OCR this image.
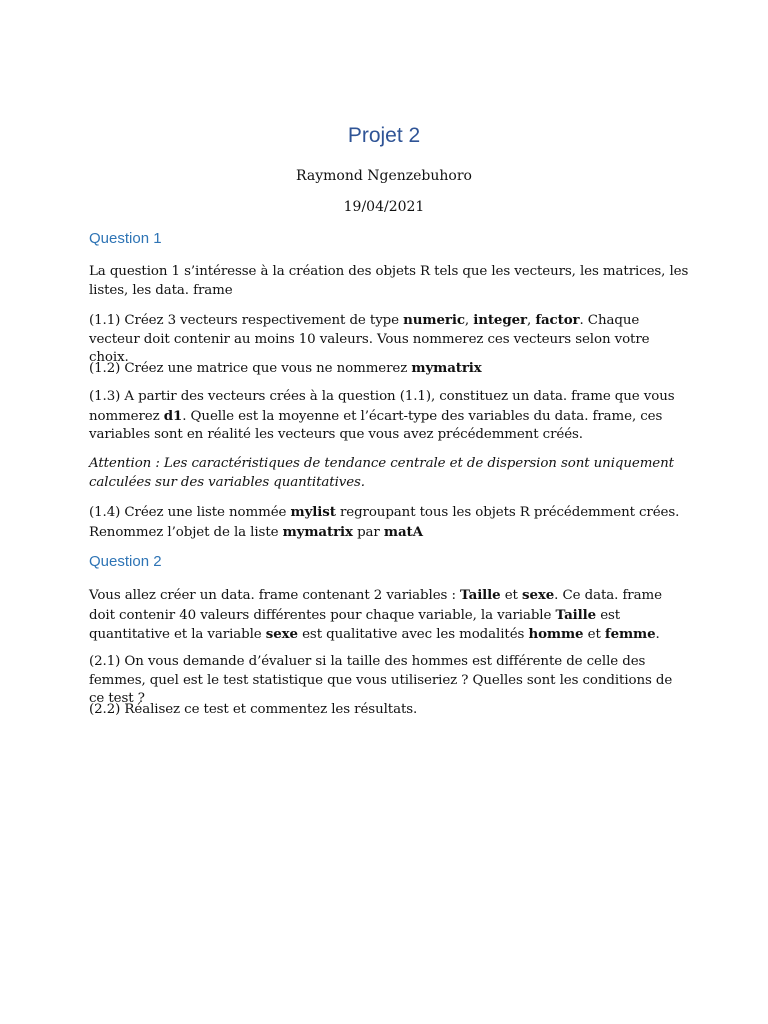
Projet 2

Raymond Ngenzebuhoro

19/04/2021

Question 1

La question 1 s’intéresse à la création des objets R tels que les vecteurs, les matrices, les listes, les data. frame

(1.1) Créez 3 vecteurs respectivement de type numeric, integer, factor. Chaque vecteur doit contenir au moins 10 valeurs. Vous nommerez ces vecteurs selon votre choix.

(1.2) Créez une matrice que vous ne nommerez mymatrix

(1.3) A partir des vecteurs crées à la question (1.1), constituez un data. frame que vous nommerez d1. Quelle est la moyenne et l’écart-type des variables du data. frame, ces variables sont en réalité les vecteurs que vous avez précédemment créés.

Attention : Les caractéristiques de tendance centrale et de dispersion sont uniquement calculées sur des variables quantitatives.

(1.4) Créez une liste nommée mylist regroupant tous les objets R précédemment crées. Renommez l’objet de la liste mymatrix par matA

Question 2

Vous allez créer un data. frame contenant 2 variables : Taille et sexe. Ce data. frame doit contenir 40 valeurs différentes pour chaque variable, la variable Taille est quantitative et la variable sexe est qualitative avec les modalités homme et femme.

(2.1) On vous demande d’évaluer si la taille des hommes est différente de celle des femmes, quel est le test statistique que vous utiliseriez ? Quelles sont les conditions de ce test ?

(2.2) Réalisez ce test et commentez les résultats.
